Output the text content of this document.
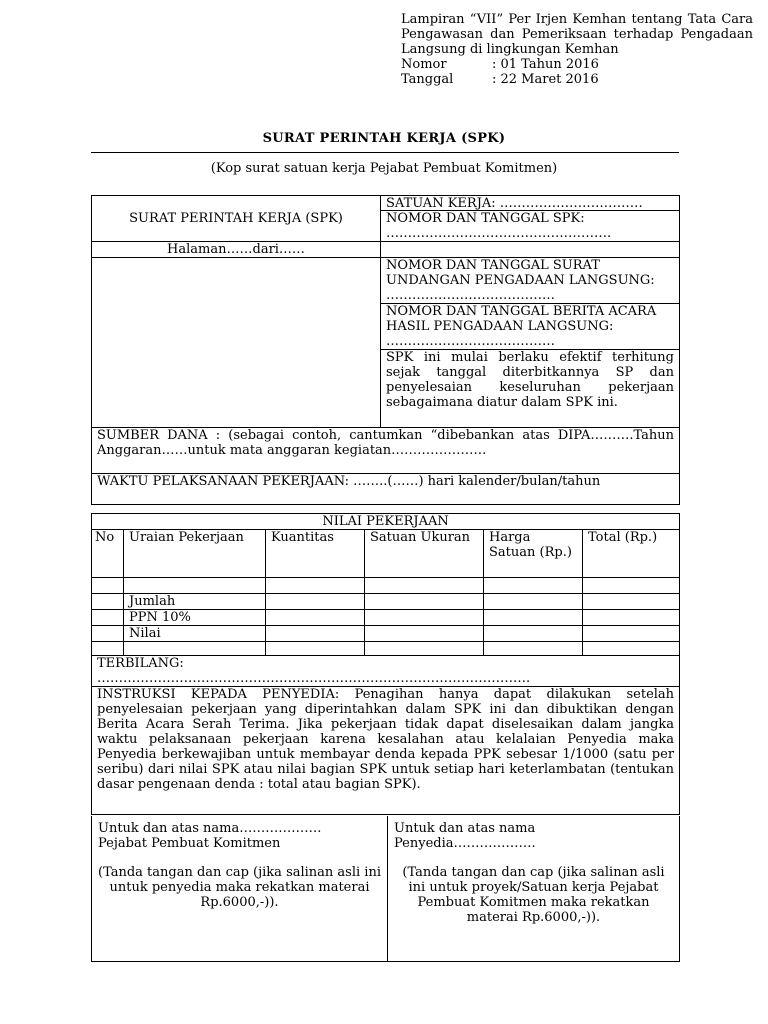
Lampiran “VII” Per Irjen Kemhan tentang Tata Cara Pengawasan dan Pemeriksaan terhadap Pengadaan Langsung di lingkungan Kemhan

Nomor	: 01 Tahun 2016
Tanggal	: 22 Maret 2016
SURAT PERINTAH KERJA (SPK)
(Kop surat satuan kerja Pejabat Pembuat Komitmen)
SURAT PERINTAH KERJA (SPK)	SATUAN KERJA: ……………………………
NOMOR DAN TANGGAL SPK:
…………………………………………….

Halaman……dari……	

	NOMOR DAN TANGGAL SURAT UNDANGAN PENGADAAN LANGSUNG:
…………………………………

	NOMOR DAN TANGGAL BERITA ACARA HASIL PENGADAAN LANGSUNG:
…………………………………

	SPK ini mulai berlaku efektif terhitung sejak tanggal diterbitkannya SP dan penyelesaian keseluruhan pekerjaan sebagaimana diatur dalam SPK ini.
SUMBER DANA : (sebagai contoh, cantumkan “dibebankan atas DIPA……….Tahun Anggaran……untuk mata anggaran kegiatan………………….	
WAKTU PELAKSANAAN PEKERJAAN: ……..(……) hari kalender/bulan/tahun	
NILAI PEKERJAAN					
No	Uraian Pekerjaan	Kuantitas	Satuan Ukuran	Harga Satuan (Rp.)	Total (Rp.)

	Jumlah				
	PPN 10%				
	Nilai				

TERBILANG:
……………………………………………………………………………………….					

INSTRUKSI KEPADA PENYEDIA: Penagihan hanya dapat dilakukan setelah penyelesaian pekerjaan yang diperintahkan dalam SPK ini dan dibuktikan dengan Berita Acara Serah Terima. Jika pekerjaan tidak dapat diselesaikan dalam jangka waktu pelaksanaan pekerjaan karena kesalahan atau kelalaian Penyedia maka Penyedia berkewajiban untuk membayar denda kepada PPK sebesar 1/1000 (satu per seribu) dari nilai SPK atau nilai bagian SPK untuk setiap hari keterlambatan (tentukan dasar pengenaan denda : total atau bagian SPK).					
Untuk dan atas nama……………….
Pejabat Pembuat Komitmen
(Tanda tangan dan cap (jika salinan asli ini untuk penyedia maka rekatkan materai Rp.6000,-)).

Untuk dan atas nama
Penyedia……………….
(Tanda tangan dan cap (jika salinan asli ini untuk proyek/Satuan kerja Pejabat Pembuat Komitmen maka rekatkan materai Rp.6000,-)).
